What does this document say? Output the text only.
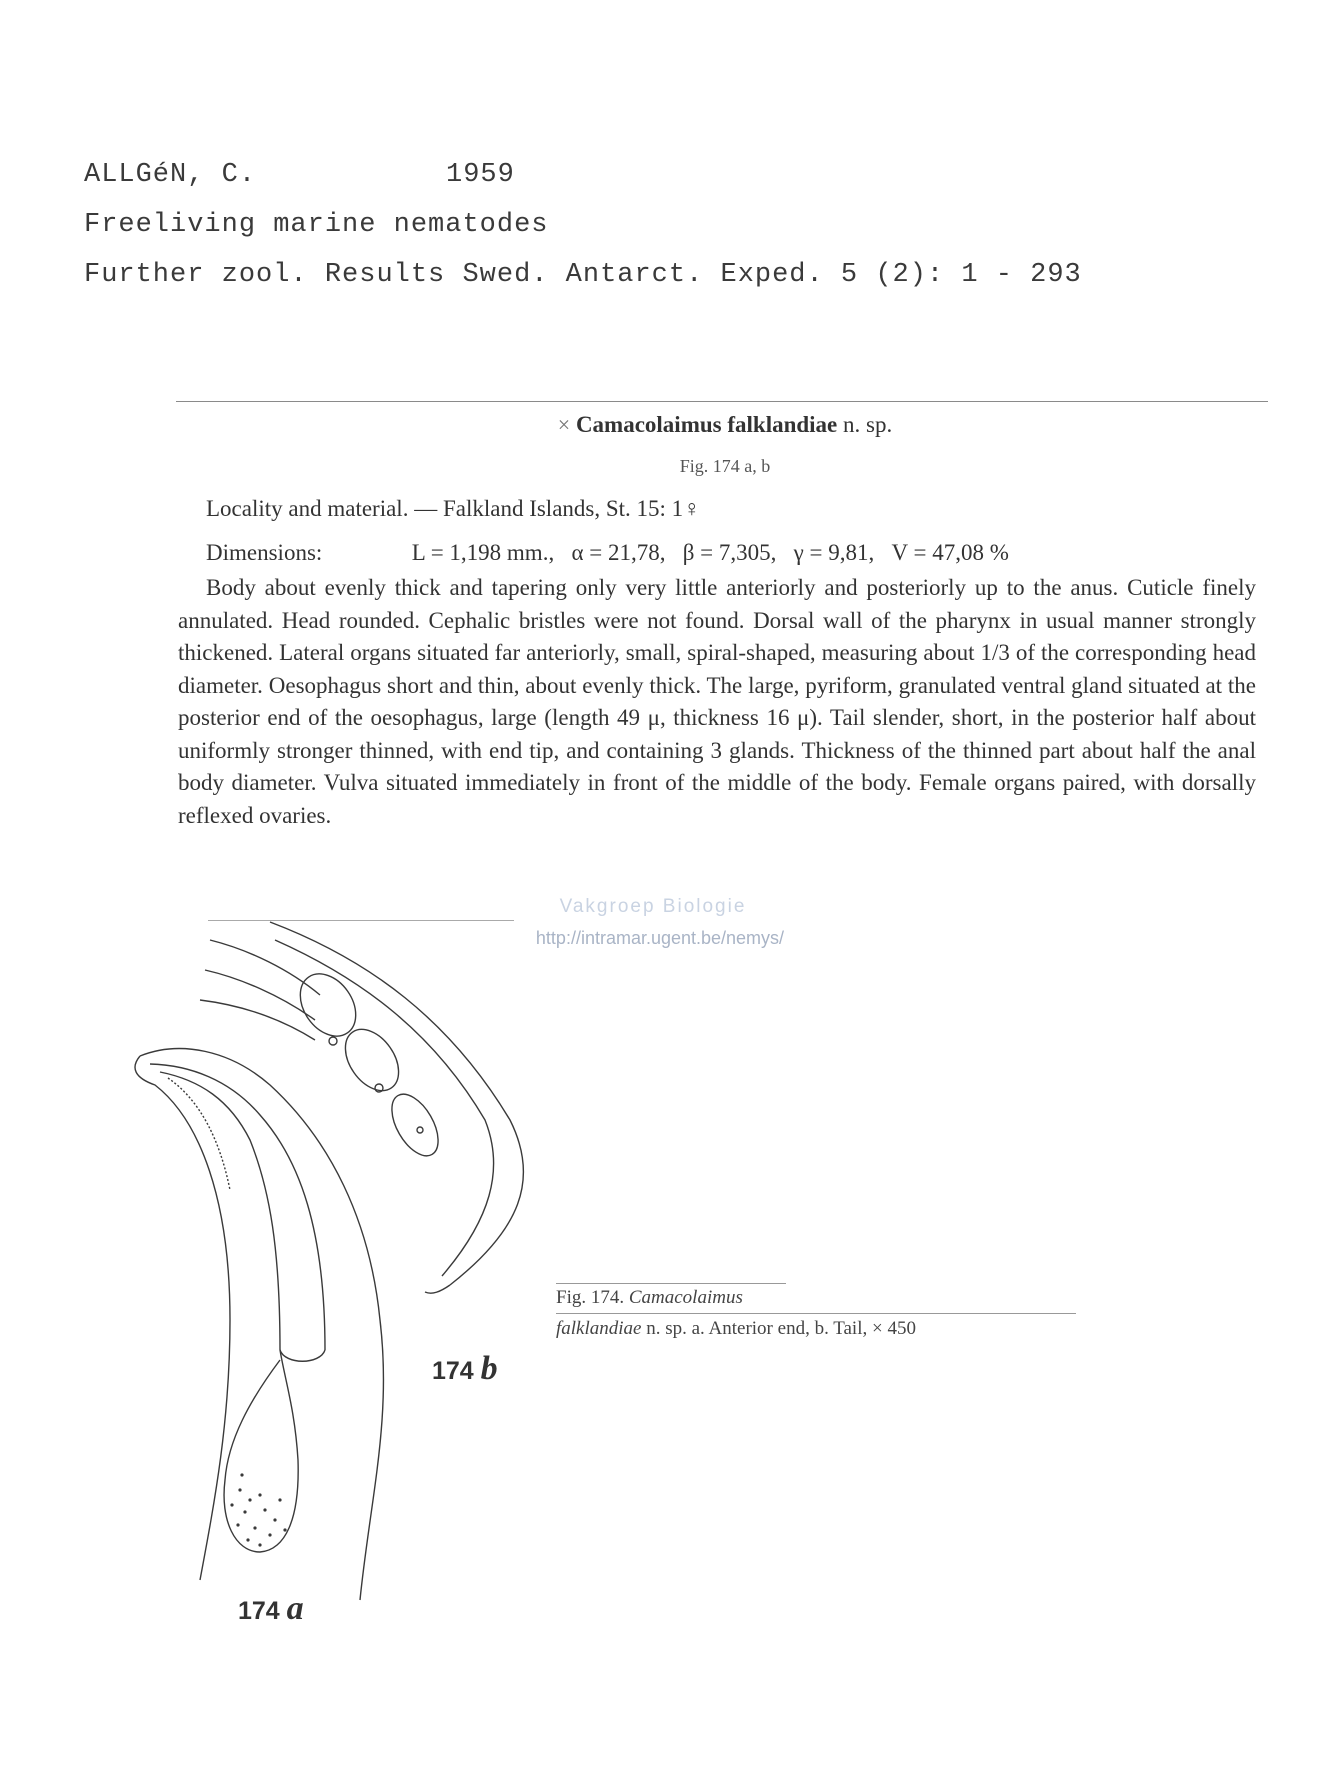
ALLGéN, C.	1959
Freeliving marine nematodes
Further zool. Results Swed. Antarct. Exped. 5 (2): 1 - 293
× Camacolaimus falklandiae n. sp.
Fig. 174 a, b
Locality and material. — Falkland Islands, St. 15: 1♀
Dimensions:	L = 1,198 mm.,   α = 21,78,   β = 7,305,   γ = 9,81,   V = 47,08 %
Body about evenly thick and tapering only very little anteriorly and posteriorly up to the anus. Cuticle finely annulated. Head rounded. Cephalic bristles were not found. Dorsal wall of the pharynx in usual manner strongly thickened. Lateral organs situated far anteriorly, small, spiral-shaped, measuring about 1/3 of the corresponding head diameter. Oesophagus short and thin, about evenly thick. The large, pyriform, granulated ventral gland situated at the posterior end of the oesophagus, large (length 49 μ, thickness 16 μ). Tail slender, short, in the posterior half about uniformly stronger thinned, with end tip, and containing 3 glands. Thickness of the thinned part about half the anal body diameter. Vulva situated immediately in front of the middle of the body. Female organs paired, with dorsally reflexed ovaries.
Vakgroep Biologie
http://intramar.ugent.be/nemys/
174 b
174 a
Fig. 174. Camacolaimus
falklandiae n. sp. a. Anterior end, b. Tail, × 450
